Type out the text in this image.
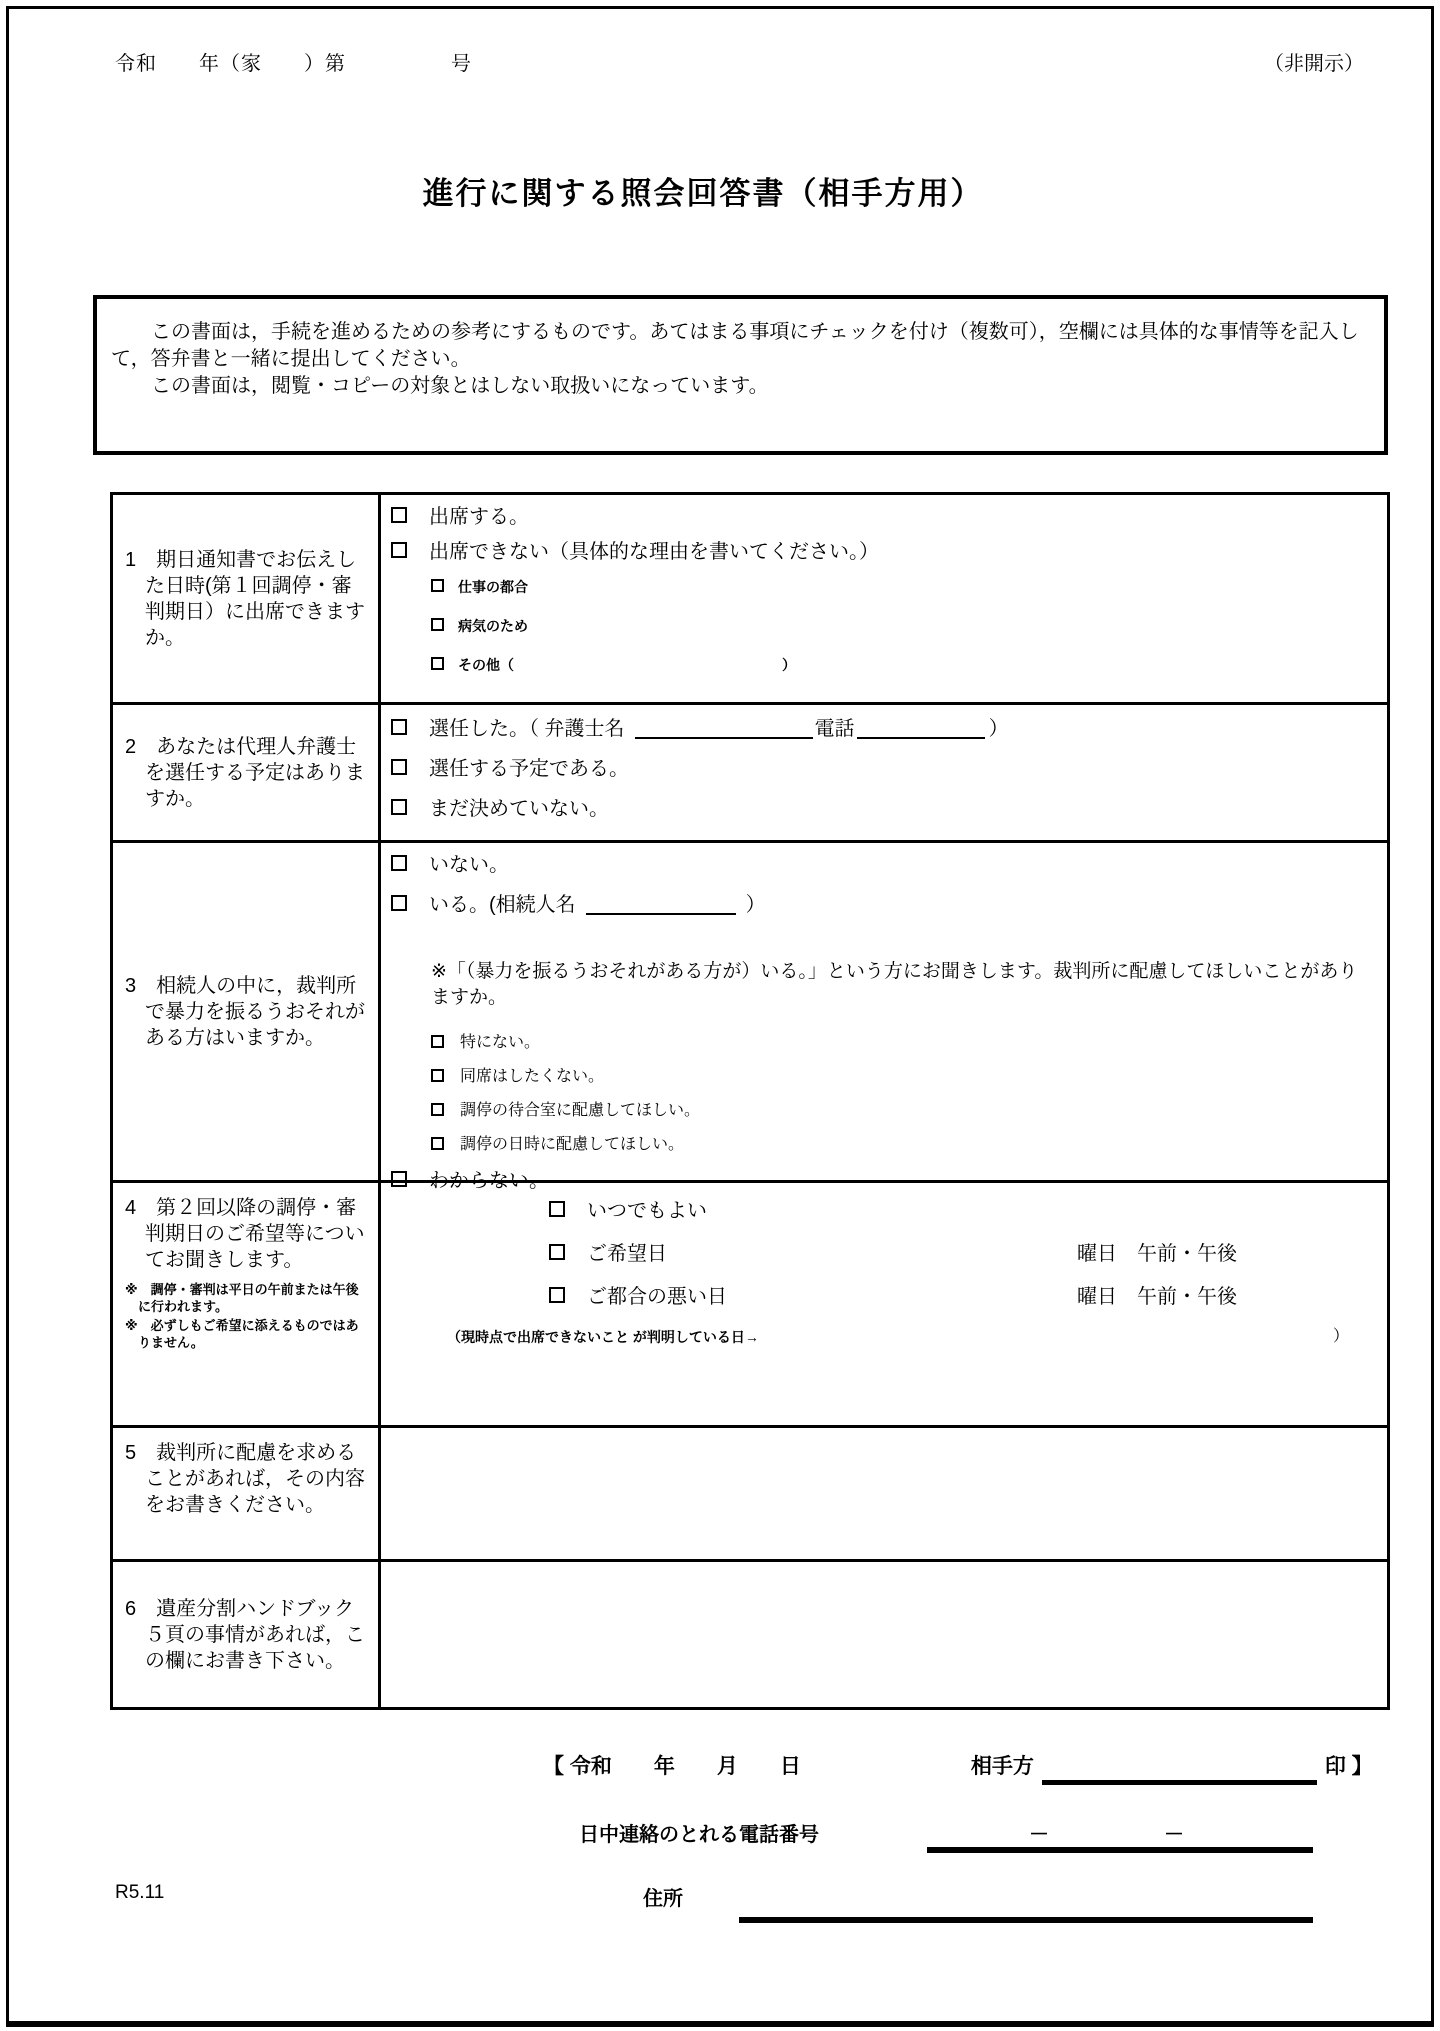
令和　　年（家　　）第　　　　　号	（非開示）
進行に関する照会回答書（相手方用）

　この書面は，手続を進めるための参考にするものです。あてはまる事項にチェックを付け（複数可），空欄には具体的な事情等を記入して，答弁書と一緒に提出してください。

　この書面は，閲覧・コピーの対象とはしない取扱いになっています。

1　期日通知書でお伝えした日時(第１回調停・審判期日）に出席できますか。

出席する。
出席できない（具体的な理由を書いてください。）
仕事の都合
病気のため
その他（	）

2　あなたは代理人弁護士を選任する予定はありますか。

選任した。（ 弁護士名	電話	）
選任する予定である。
まだ決めていない。

3　相続人の中に，裁判所で暴力を振るうおそれがある方はいますか。

いない。
いる。(相続人名	）

※「（暴力を振るうおそれがある方が）いる。」という方にお聞きします。裁判所に配慮してほしいことがありますか。

特にない。
同席はしたくない。
調停の待合室に配慮してほしい。
調停の日時に配慮してほしい。
わからない。

4　第２回以降の調停・審判期日のご希望等についてお聞きします。

※　調停・審判は平日の午前または午後に行われます。

※　必ずしもご希望に添えるものではありません。

いつでもよい
ご希望日	曜日　午前・午後
ご都合の悪い日	曜日　午前・午後
（現時点で出席できないこと が判明している日→	）

5　裁判所に配慮を求めることがあれば，その内容をお書きください。

6　遺産分割ハンドブック５頁の事情があれば，この欄にお書き下さい。

【 令和　　年　　月　　日	相手方	印 】
日中連絡のとれる電話番号	－	－
R5.11	住所
